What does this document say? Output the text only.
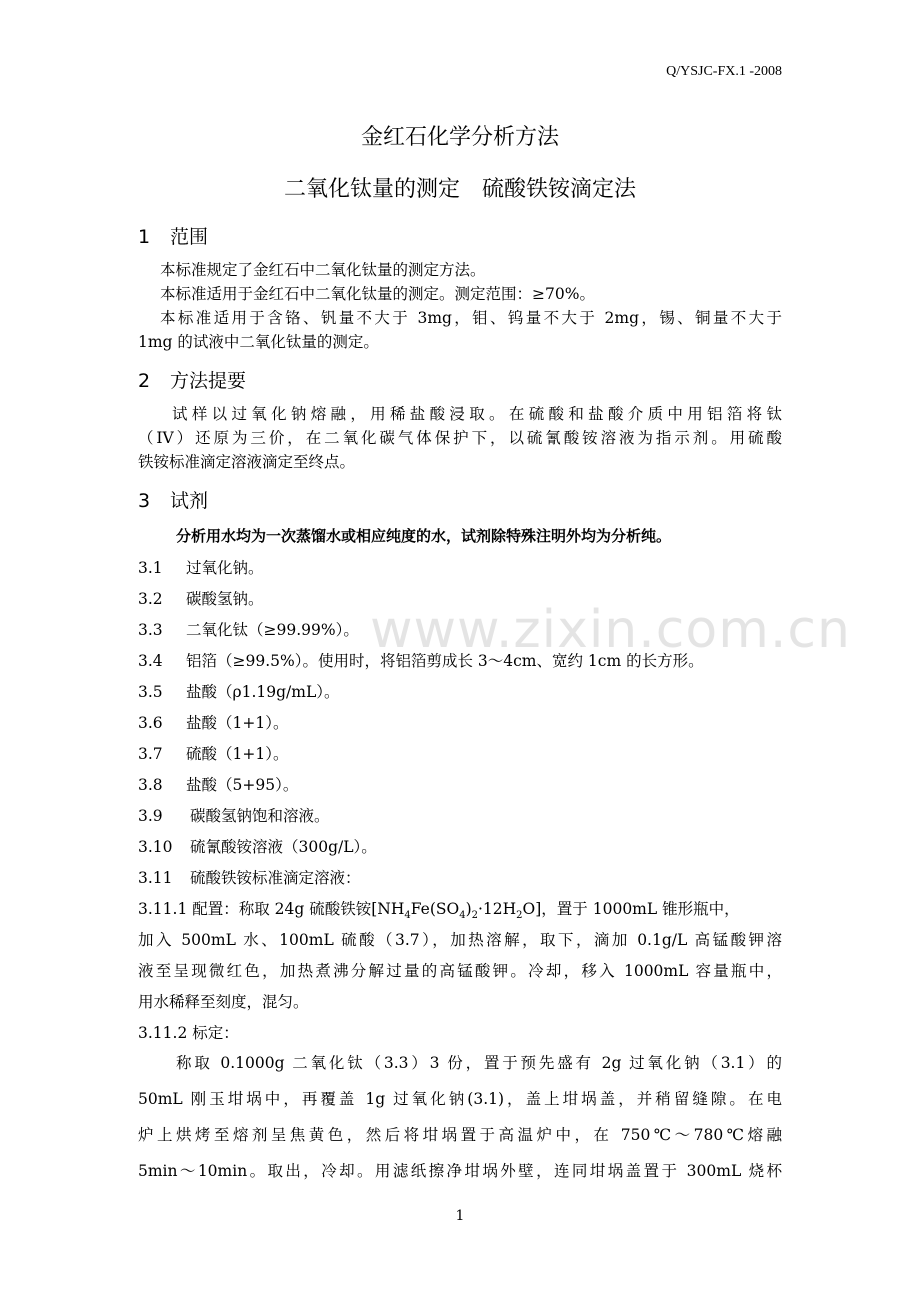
Q/YSJC-FX.1 -2008
金红石化学分析方法
二氧化钛量的测定　硫酸铁铵滴定法
1 范围
本标准规定了金红石中二氧化钛量的测定方法。
本标准适用于金红石中二氧化钛量的测定。测定范围：≥70%。
本标准适用于含铬、钒量不大于 3mg，钼、钨量不大于 2mg，锡、铜量不大于
1mg 的试液中二氧化钛量的测定。
2 方法提要
试样以过氧化钠熔融，用稀盐酸浸取。在硫酸和盐酸介质中用铝箔将钛
（IV）还原为三价，在二氧化碳气体保护下，以硫氰酸铵溶液为指示剂。用硫酸
铁铵标准滴定溶液滴定至终点。
3 试剂
分析用水均为一次蒸馏水或相应纯度的水，试剂除特殊注明外均为分析纯。
3.1 过氧化钠。
3.2 碳酸氢钠。
3.3 二氧化钛（≥99.99%）。
3.4 铝箔（≥99.5%）。使用时，将铝箔剪成长 3～4cm、宽约 1cm 的长方形。
3.5 盐酸（ρ1.19g/mL）。
3.6 盐酸（1+1）。
3.7 硫酸（1+1）。
3.8 盐酸（5+95）。
3.9 碳酸氢钠饱和溶液。
3.10 硫氰酸铵溶液（300g/L）。
3.11 硫酸铁铵标准滴定溶液：
3.11.1 配置：称取 24g 硫酸铁铵$[NH_4Fe(SO_4)_2\cdot 12H_2O]$，置于 1000mL 锥形瓶中，
加入 500mL 水、100mL 硫酸（3.7），加热溶解，取下，滴加 0.1g/L 高锰酸钾溶
液至呈现微红色，加热煮沸分解过量的高锰酸钾。冷却，移入 1000mL 容量瓶中，
用水稀释至刻度，混匀。
3.11.2 标定：
称取 0.1000g 二氧化钛（3.3）3 份，置于预先盛有 2g 过氧化钠（3.1）的
50mL 刚玉坩埚中，再覆盖 1g 过氧化钠(3.1)，盖上坩埚盖，并稍留缝隙。在电
炉上烘烤至熔剂呈焦黄色，然后将坩埚置于高温炉中，在 750℃～780℃熔融
5min～10min。取出，冷却。用滤纸擦净坩埚外壁，连同坩埚盖置于 300mL 烧杯
www.zixin.com.cn
1
